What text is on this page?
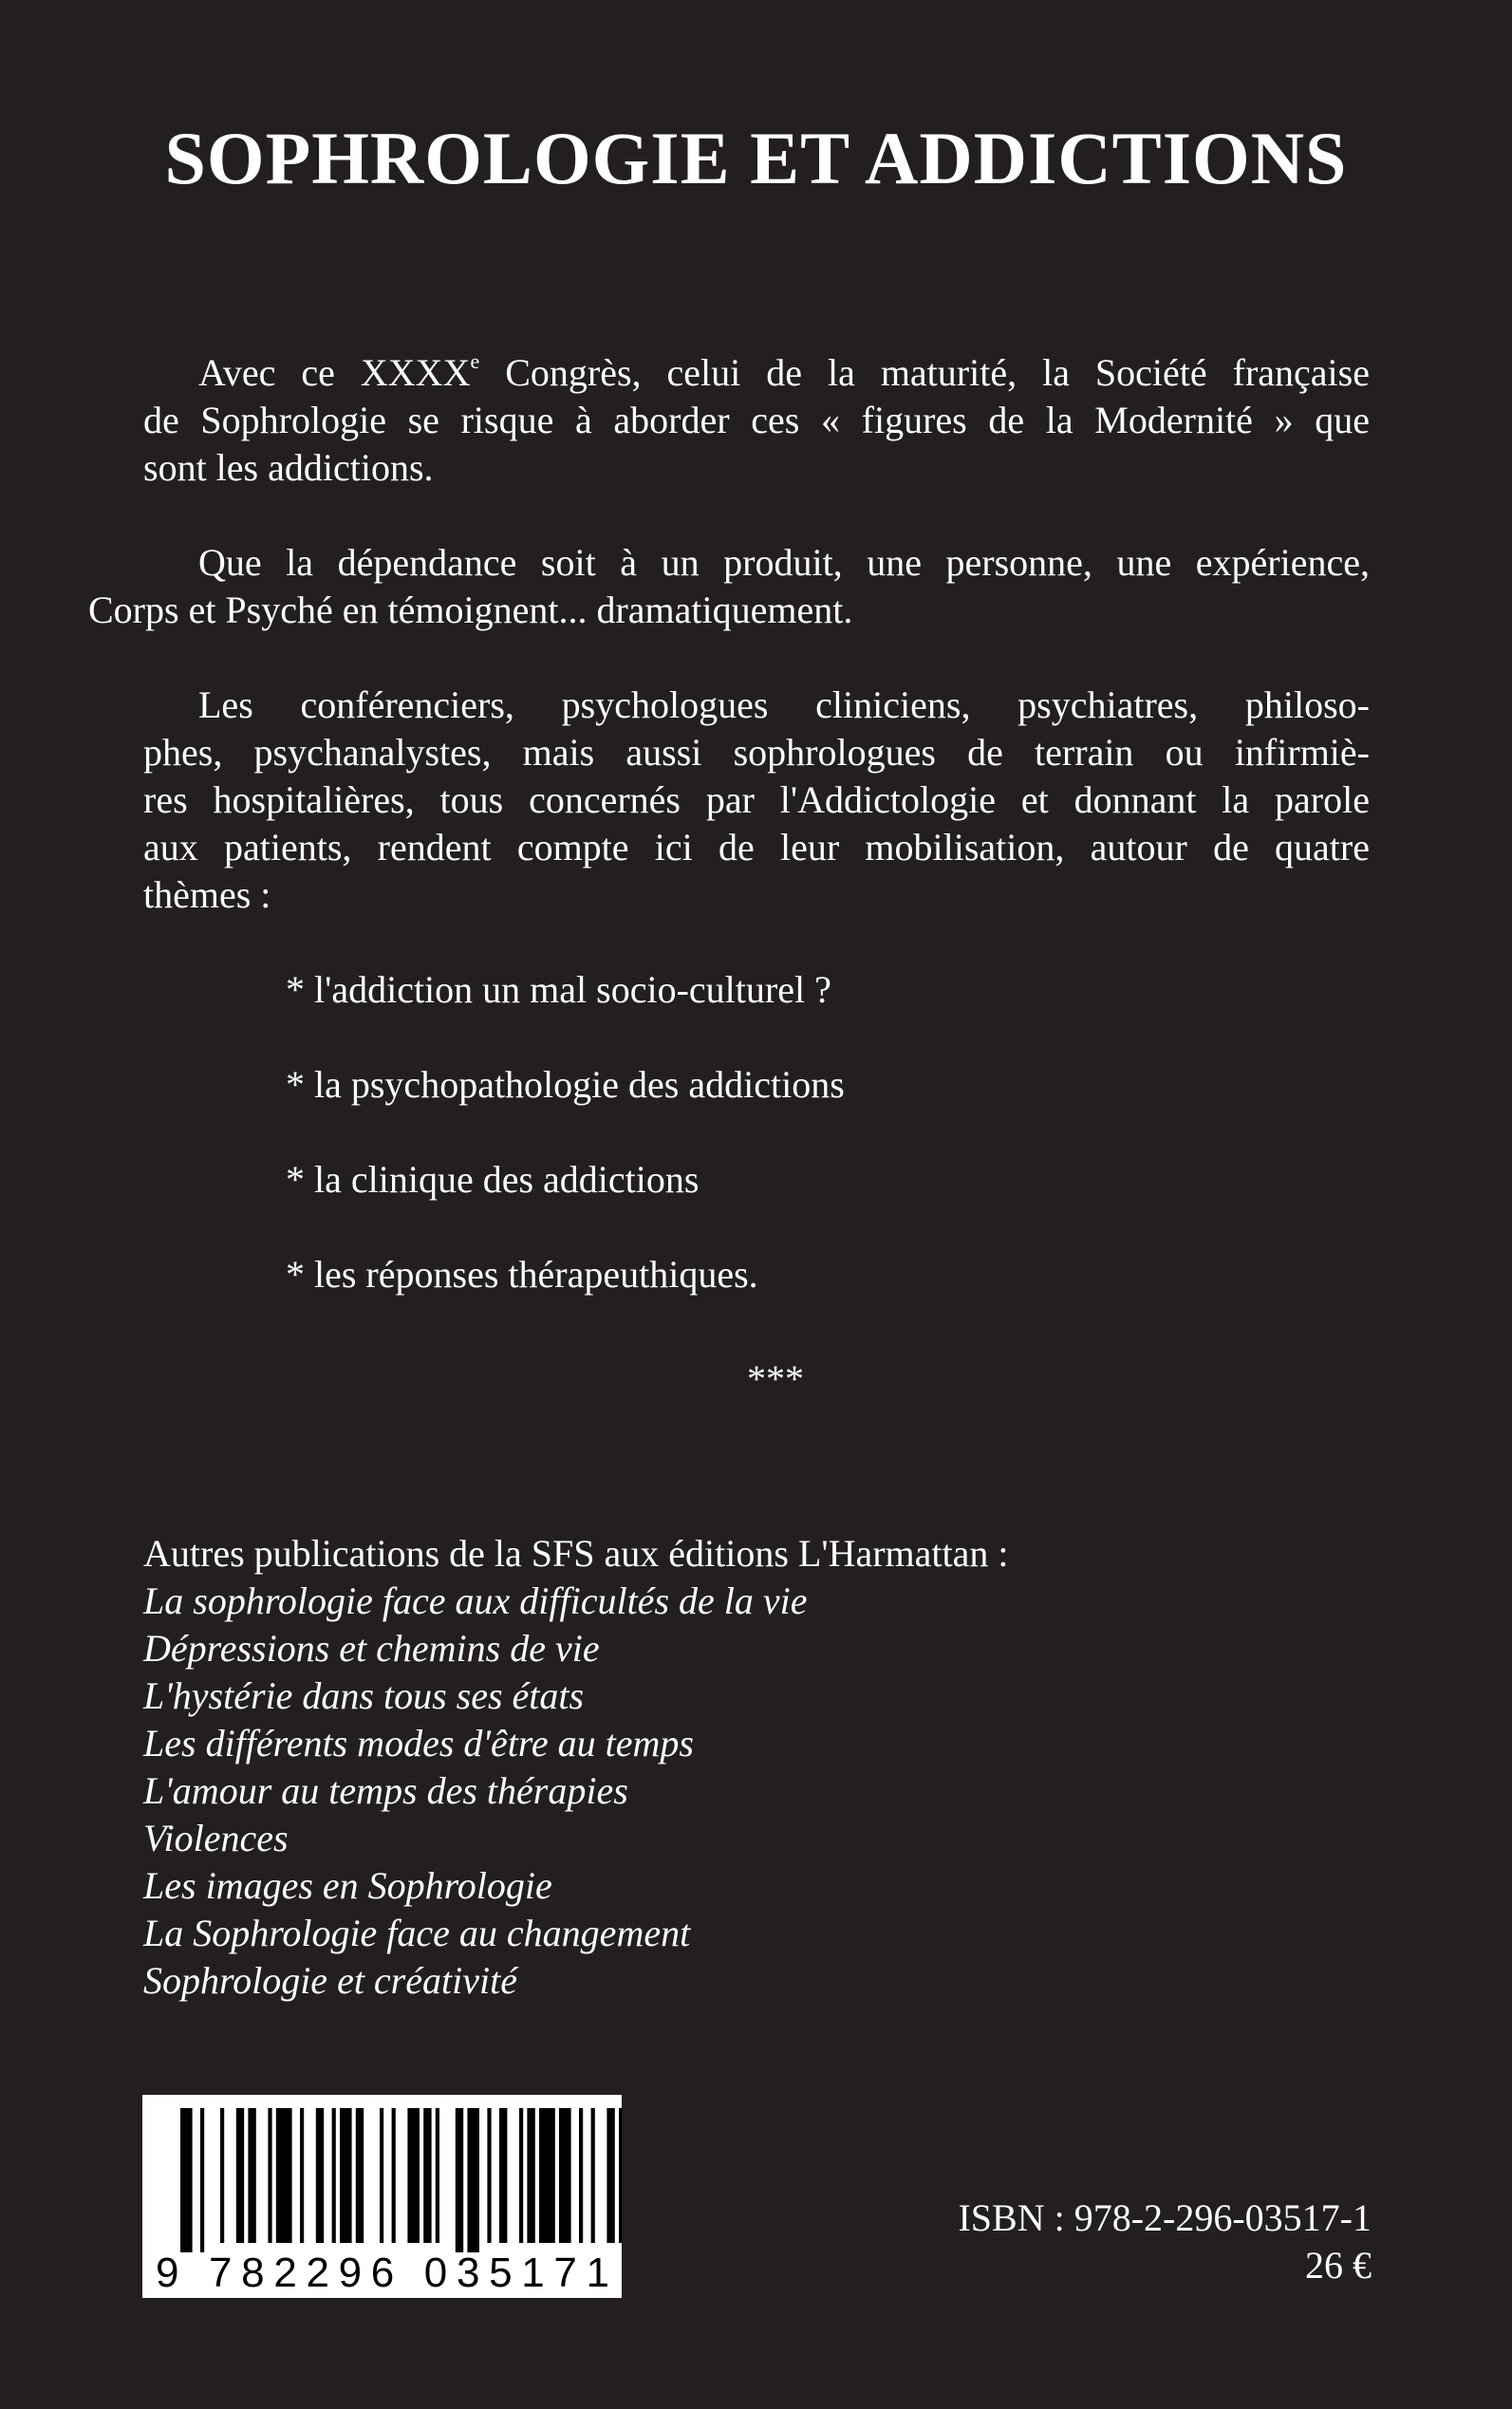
SOPHROLOGIE ET ADDICTIONS

Avec ce XXXXe Congrès, celui de la maturité, la Société française
de Sophrologie se risque à aborder ces « figures de la Modernité » que
sont les addictions.

Que la dépendance soit à un produit, une personne, une expérience,
Corps et Psyché en témoignent... dramatiquement.

Les conférenciers, psychologues cliniciens, psychiatres, philoso-
phes, psychanalystes, mais aussi sophrologues de terrain ou infirmiè-
res hospitalières, tous concernés par l'Addictologie et donnant la parole
aux patients, rendent compte ici de leur mobilisation, autour de quatre
thèmes :

* l'addiction un mal socio-culturel ?
* la psychopathologie des addictions
* la clinique des addictions
* les réponses thérapeuthiques.
***
Autres publications de la SFS aux éditions L'Harmattan :
La sophrologie face aux difficultés de la vie
Dépressions et chemins de vie
L'hystérie dans tous ses états
Les différents modes d'être au temps
L'amour au temps des thérapies
Violences
Les images en Sophrologie
La Sophrologie face au changement
Sophrologie et créativité
9 782296 035171
ISBN : 978-2-296-03517-1
26 €
